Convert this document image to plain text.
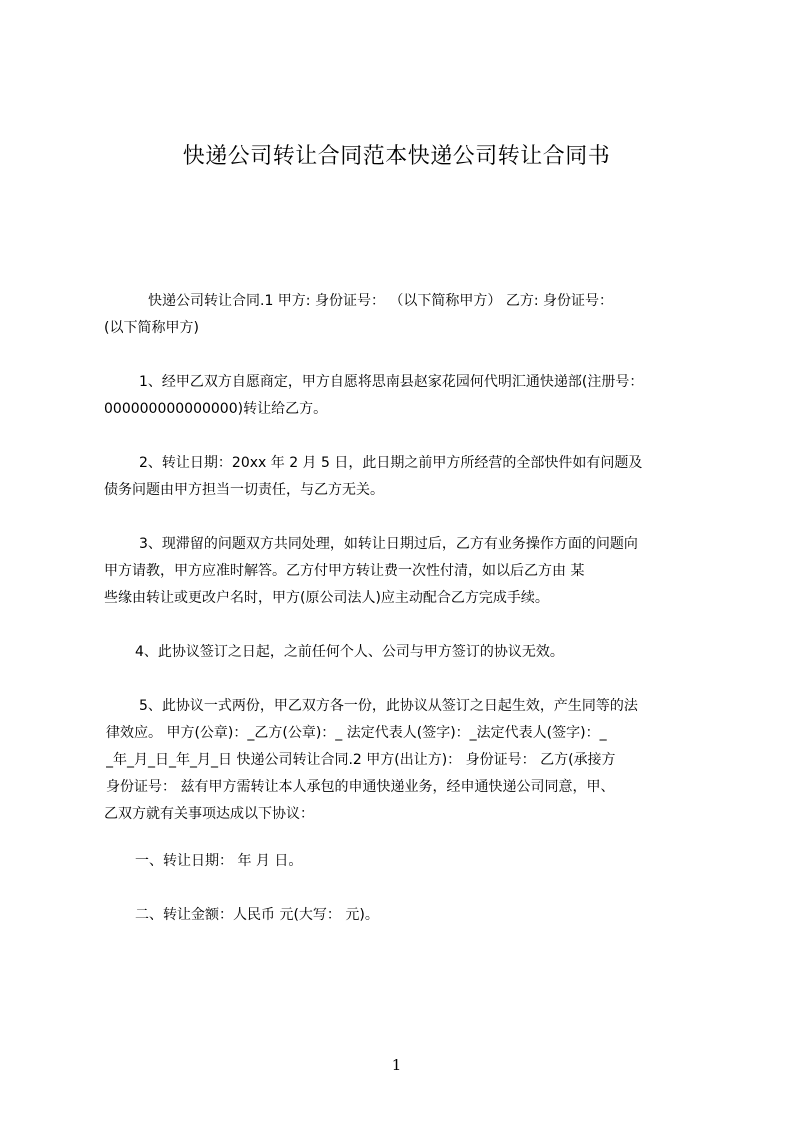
快递公司转让合同范本快递公司转让合同书
快递公司转让合同.1 甲方: 身份证号： （以下简称甲方） 乙方: 身份证号：
(以下简称甲方)
1、经甲乙双方自愿商定，甲方自愿将思南县赵家花园何代明汇通快递部(注册号：
000000000000000)转让给乙方。
2、转让日期：20xx 年 2 月 5 日，此日期之前甲方所经营的全部快件如有问题及
债务问题由甲方担当一切责任，与乙方无关。
3、现滞留的问题双方共同处理，如转让日期过后，乙方有业务操作方面的问题向
甲方请教，甲方应准时解答。乙方付甲方转让费一次性付清，如以后乙方由 某
些缘由转让或更改户名时，甲方(原公司法人)应主动配合乙方完成手续。
4、此协议签订之日起，之前任何个人、公司与甲方签订的协议无效。
5、此协议一式两份，甲乙双方各一份，此协议从签订之日起生效，产生同等的法
律效应。 甲方(公章)：_乙方(公章)：_ 法定代表人(签字)：_法定代表人(签字)：_
_年_月_日_年_月_日 快递公司转让合同.2 甲方(出让方)： 身份证号： 乙方(承接方
身份证号： 兹有甲方需转让本人承包的申通快递业务，经申通快递公司同意，甲、
乙双方就有关事项达成以下协议：
一、转让日期： 年 月 日。
二、转让金额：人民币 元(大写： 元)。
1
